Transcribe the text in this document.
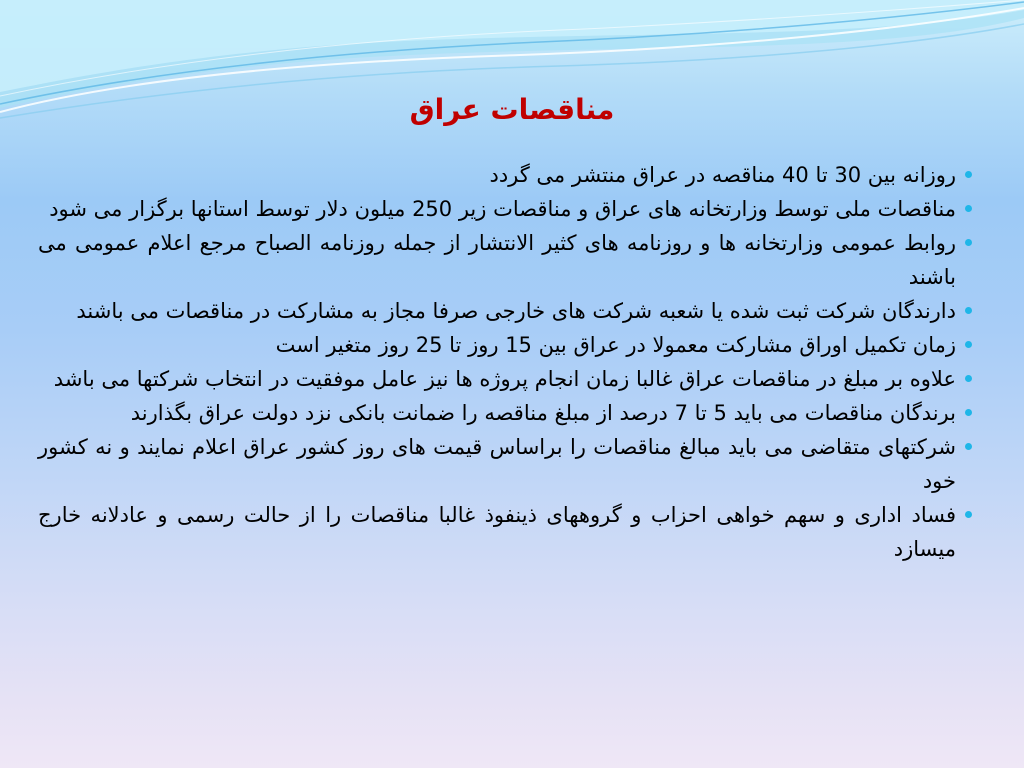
مناقصات عراق
روزانه بین 30 تا 40 مناقصه در عراق منتشر می گردد
مناقصات ملی توسط وزارتخانه های عراق و مناقصات زیر 250 میلون دلار توسط استانها برگزار می شود
روابط عمومی وزارتخانه ها و روزنامه های کثیر الانتشار از جمله روزنامه الصباح مرجع اعلام عمومی می باشند
دارندگان شرکت ثبت شده یا شعبه شرکت های خارجی صرفا مجاز به مشارکت در مناقصات می باشند
زمان تکمیل اوراق مشارکت معمولا در عراق بین 15 روز تا 25 روز متغیر است
علاوه بر مبلغ در مناقصات عراق غالبا زمان انجام پروژه ها نیز عامل موفقیت در انتخاب شرکتها می باشد
برندگان مناقصات می باید 5 تا 7 درصد از مبلغ مناقصه را ضمانت بانکی نزد دولت عراق بگذارند
شرکتهای متقاضی می باید مبالغ مناقصات را براساس قیمت های روز کشور عراق اعلام نمایند و نه کشور خود
فساد اداری و سهم خواهی احزاب و گروههای ذینفوذ غالبا مناقصات را از حالت رسمی و عادلانه خارج میسازد
